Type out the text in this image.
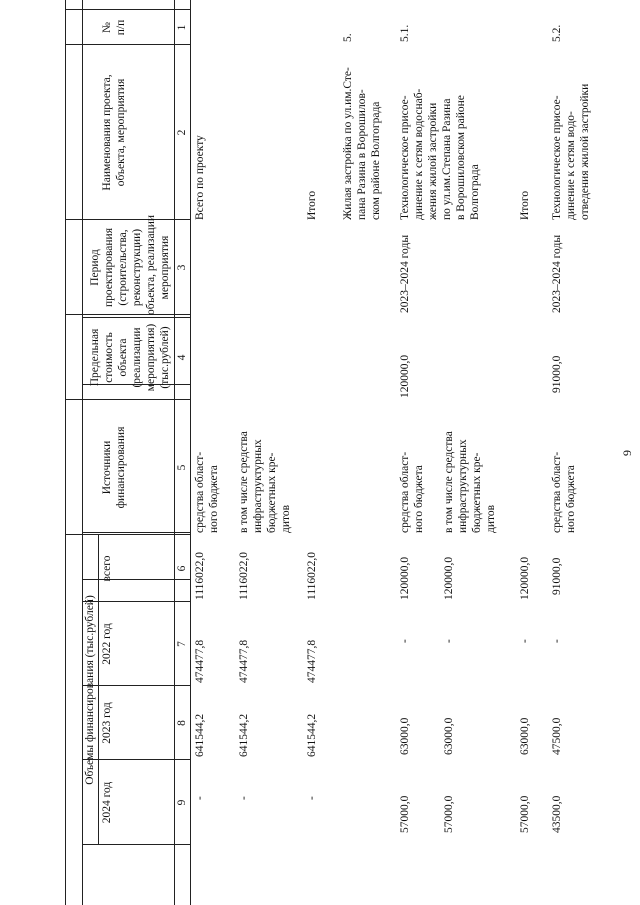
9
№ п/п
Наименования проекта, объекта, мероприятия
Период проектирования (строительства, реконструкции) объекта, реализации мероприятия
Предельная стоимость объекта (реализации мероприятия) (тыс.рублей)
Источники финансирования
Объемы финансирования (тыс.рублей)
всего
2022 год
2023 год
2024 год
1
2
3
4
5
6
7
8
9
Всего по проекту
средства област- ного бюджета
1116022,0
474477,8
641544,2
-
в том числе средства инфраструктурных бюджетных кре- дитов
1116022,0
474477,8
641544,2
-
Итого
1116022,0
474477,8
641544,2
-
5.
Жилая застройка по ул.им.Сте- пана Разина в Ворошилов- ском районе Волгограда
5.1.
Технологическое присое- динение к сетям водоснаб- жения жилой застройки по ул.им.Степана Разина в Ворошиловском районе Волгограда
2023–2024 годы
120000,0
средства област- ного бюджета
120000,0
-
63000,0
57000,0
в том числе средства инфраструктурных бюджетных кре- дитов
120000,0
-
63000,0
57000,0
Итого
120000,0
-
63000,0
57000,0
5.2.
Технологическое присое- динение к сетям водо- отведения жилой застройки
2023–2024 годы
91000,0
средства област- ного бюджета
91000,0
-
47500,0
43500,0
